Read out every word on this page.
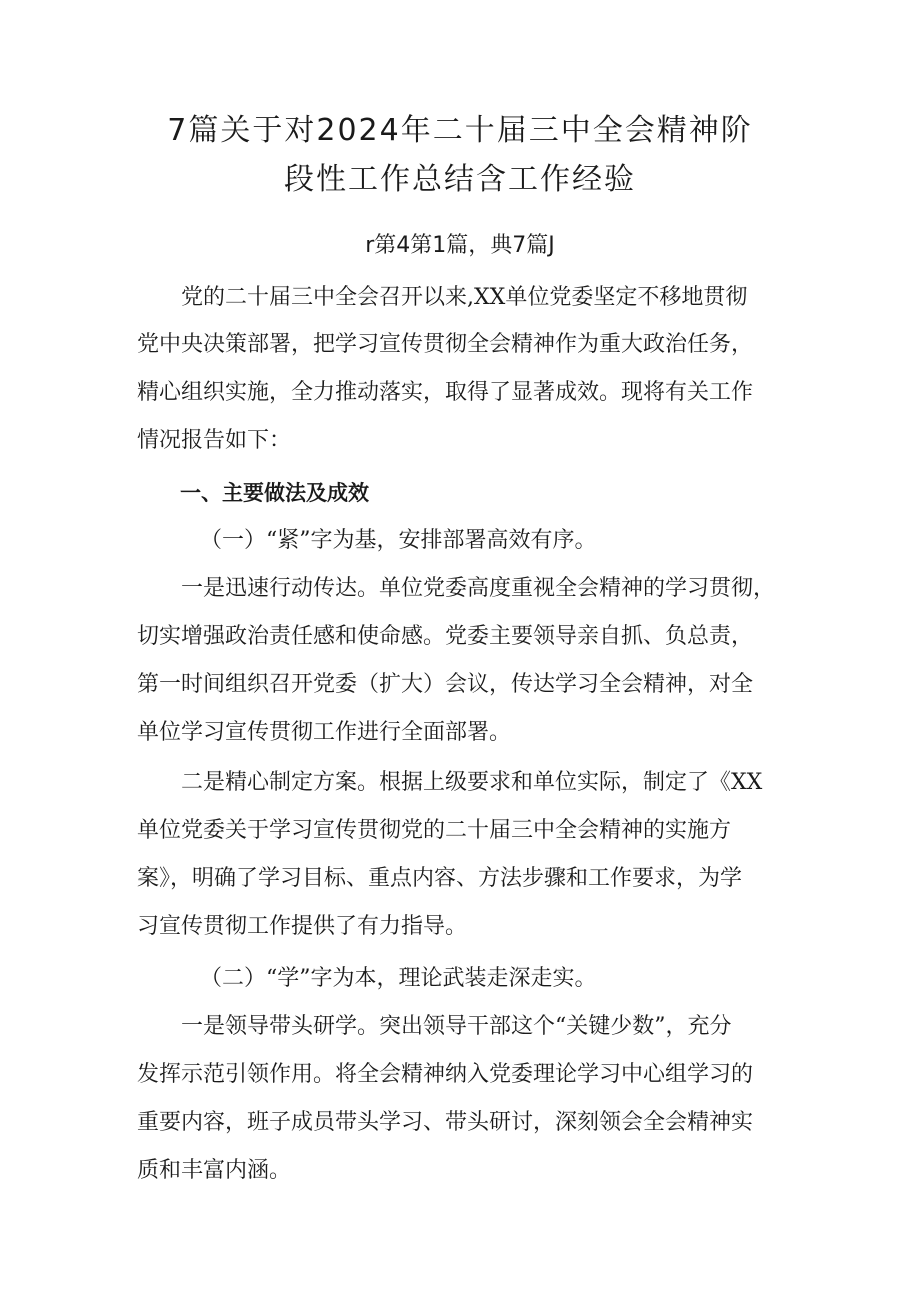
7篇关于对2024年二十届三中全会精神阶
段性工作总结含工作经验
r第4第1篇，典7篇J
　　党的二十届三中全会召开以来,XX单位党委坚定不移地贯彻
党中央决策部署，把学习宣传贯彻全会精神作为重大政治任务，
精心组织实施，全力推动落实，取得了显著成效。现将有关工作
情况报告如下：
一、主要做法及成效
（一）“紧”字为基，安排部署高效有序。
　　一是迅速行动传达。单位党委高度重视全会精神的学习贯彻，
切实增强政治责任感和使命感。党委主要领导亲自抓、负总责，
第一时间组织召开党委（扩大）会议，传达学习全会精神，对全
单位学习宣传贯彻工作进行全面部署。
　　二是精心制定方案。根据上级要求和单位实际，制定了《XX
单位党委关于学习宣传贯彻党的二十届三中全会精神的实施方
案》，明确了学习目标、重点内容、方法步骤和工作要求，为学
习宣传贯彻工作提供了有力指导。
（二）“学”字为本，理论武装走深走实。
　　一是领导带头研学。突出领导干部这个“关键少数”，充分
发挥示范引领作用。将全会精神纳入党委理论学习中心组学习的
重要内容，班子成员带头学习、带头研讨，深刻领会全会精神实
质和丰富内涵。
